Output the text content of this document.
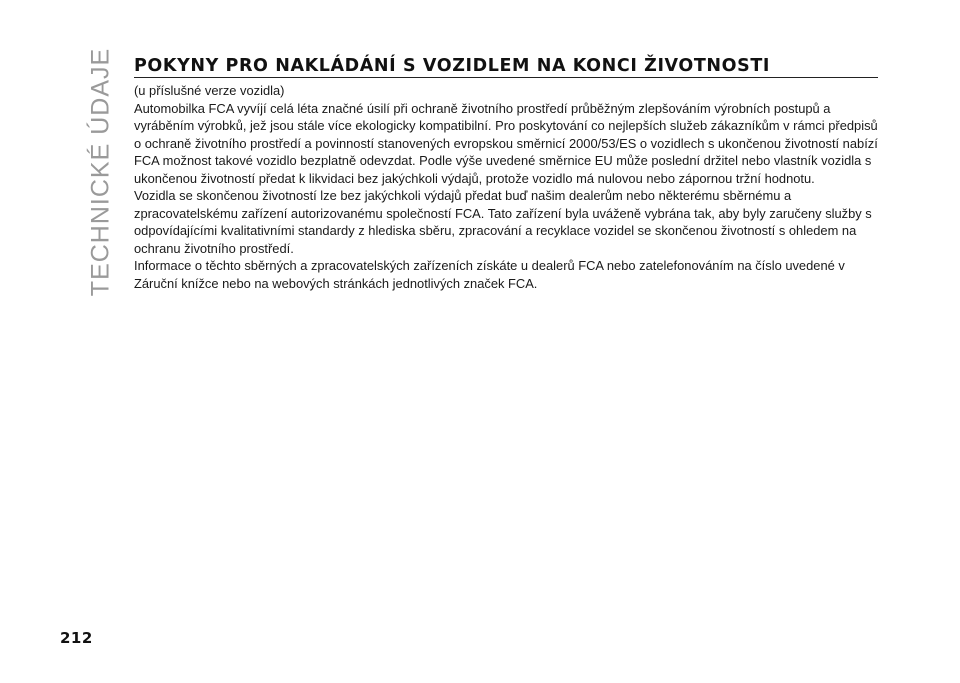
TECHNICKÉ ÚDAJE POKYNY PRO NAKLÁDÁNÍ S VOZIDLEM NA KONCI ŽIVOTNOSTI

(u příslušné verze vozidla)

Automobilka FCA vyvíjí celá léta značné úsilí při ochraně životního prostředí průběžným zlepšováním výrobních postupů a vyráběním výrobků, jež jsou stále více ekologicky kompatibilní. Pro poskytování co nejlepších služeb zákazníkům v rámci předpisů o ochraně životního prostředí a povinností stanovených evropskou směrnicí 2000/53/ES o vozidlech s ukončenou životností nabízí FCA možnost takové vozidlo bezplatně odevzdat. Podle výše uvedené směrnice EU může poslední držitel nebo vlastník vozidla s ukončenou životností předat k likvidaci bez jakýchkoli výdajů, protože vozidlo má nulovou nebo zápornou tržní hodnotu.

Vozidla se skončenou životností lze bez jakýchkoli výdajů předat buď našim dealerům nebo některému sběrnému a zpracovatelskému zařízení autorizovanému společností FCA. Tato zařízení byla uváženě vybrána tak, aby byly zaručeny služby s odpovídajícími kvalitativními standardy z hlediska sběru, zpracování a recyklace vozidel se skončenou životností s ohledem na ochranu životního prostředí.

Informace o těchto sběrných a zpracovatelských zařízeních získáte u dealerů FCA nebo zatelefonováním na číslo uvedené v Záruční knížce nebo na webových stránkách jednotlivých značek FCA.

212
